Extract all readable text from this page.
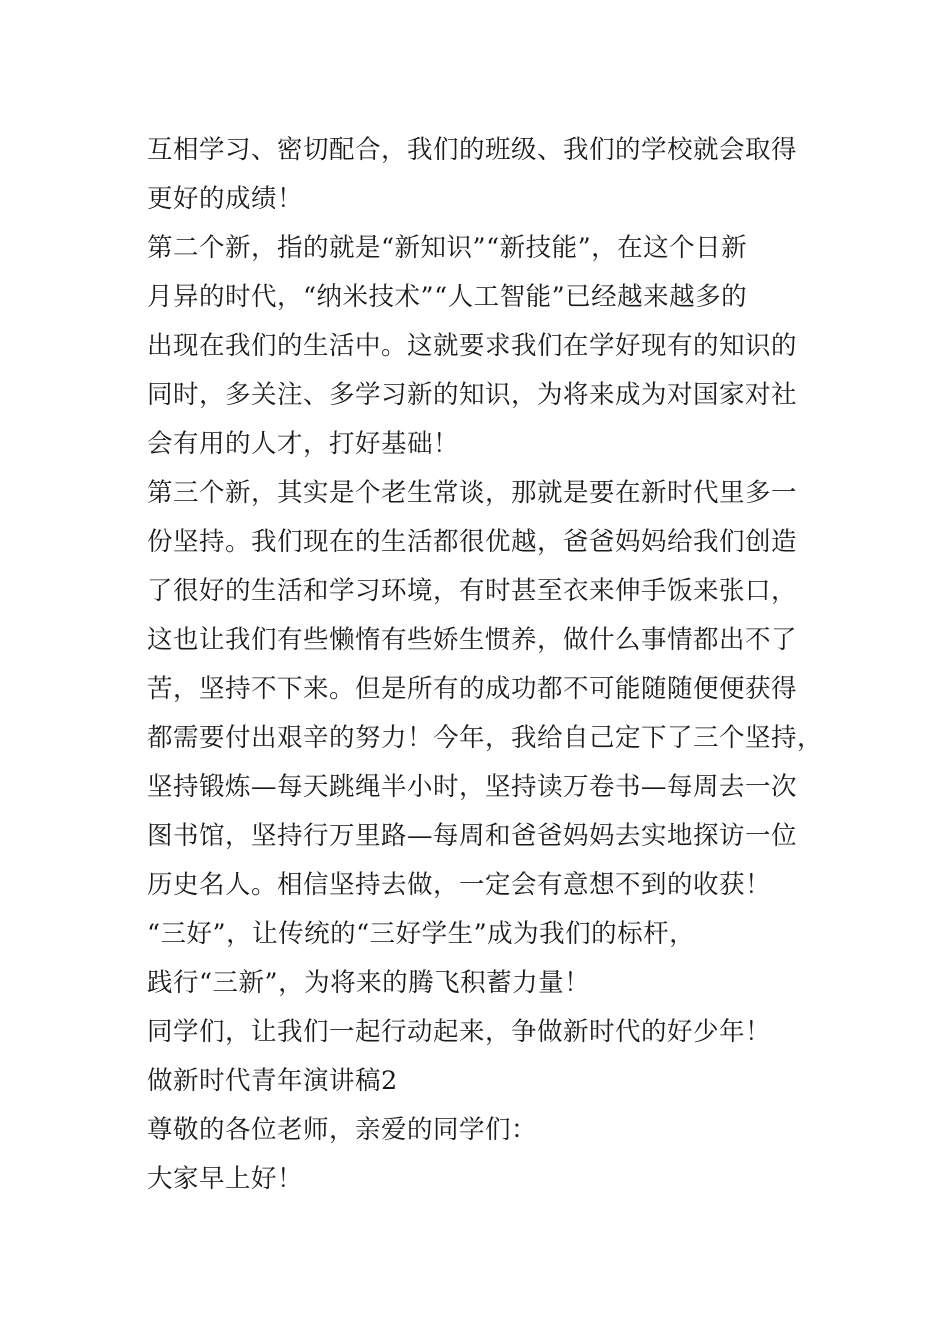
互相学习、密切配合，我们的班级、我们的学校就会取得
更好的成绩！
第二个新，指的就是“新知识”“新技能”，在这个日新
月异的时代，“纳米技术”“人工智能”已经越来越多的
出现在我们的生活中。这就要求我们在学好现有的知识的
同时，多关注、多学习新的知识，为将来成为对国家对社
会有用的人才，打好基础！
第三个新，其实是个老生常谈，那就是要在新时代里多一
份坚持。我们现在的生活都很优越，爸爸妈妈给我们创造
了很好的生活和学习环境，有时甚至衣来伸手饭来张口，
这也让我们有些懒惰有些娇生惯养，做什么事情都出不了
苦，坚持不下来。但是所有的成功都不可能随随便便获得
都需要付出艰辛的努力！今年，我给自己定下了三个坚持，
坚持锻炼—每天跳绳半小时，坚持读万卷书—每周去一次
图书馆，坚持行万里路—每周和爸爸妈妈去实地探访一位
历史名人。相信坚持去做，一定会有意想不到的收获！
“三好”，让传统的“三好学生”成为我们的标杆，
践行“三新”，为将来的腾飞积蓄力量！
同学们，让我们一起行动起来，争做新时代的好少年！
做新时代青年演讲稿2
尊敬的各位老师，亲爱的同学们：
大家早上好！
